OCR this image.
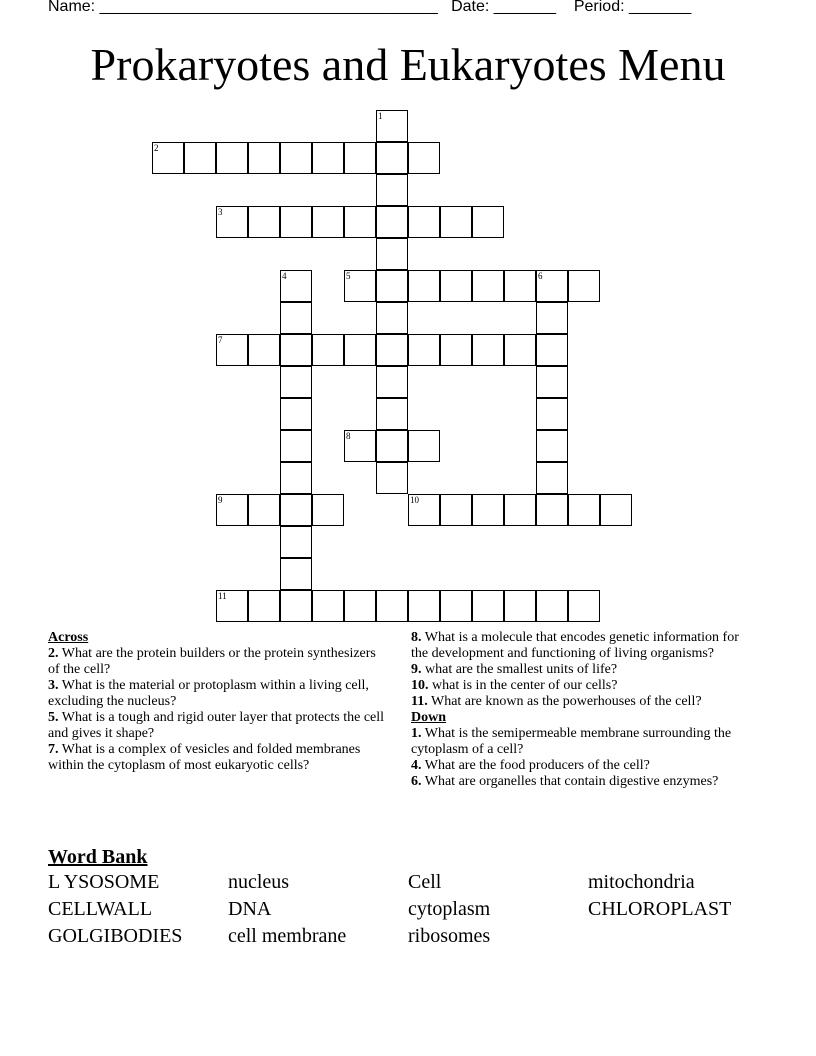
Name: ______________________________________ Date: _______ Period: _______
Prokaryotes and Eukaryotes Menu
1
2
3
4	5	6
7
8
9	10
11
Across
2. What are the protein builders or the protein synthesizers of the cell?
3. What is the material or protoplasm within a living cell, excluding the nucleus?
5. What is a tough and rigid outer layer that protects the cell and gives it shape?
7. What is a complex of vesicles and folded membranes within the cytoplasm of most eukaryotic cells?
8. What is a molecule that encodes genetic information for the development and functioning of living organisms?
9. what are the smallest units of life?
10. what is in the center of our cells?
11. What are known as the powerhouses of the cell?
Down
1. What is the semipermeable membrane surrounding the cytoplasm of a cell?
4. What are the food producers of the cell?
6. What are organelles that contain digestive enzymes?
Word Bank
L YSOSOME	nucleus	Cell	mitochondria
CELLWALL	DNA	cytoplasm	CHLOROPLAST
GOLGIBODIES	cell membrane	ribosomes
